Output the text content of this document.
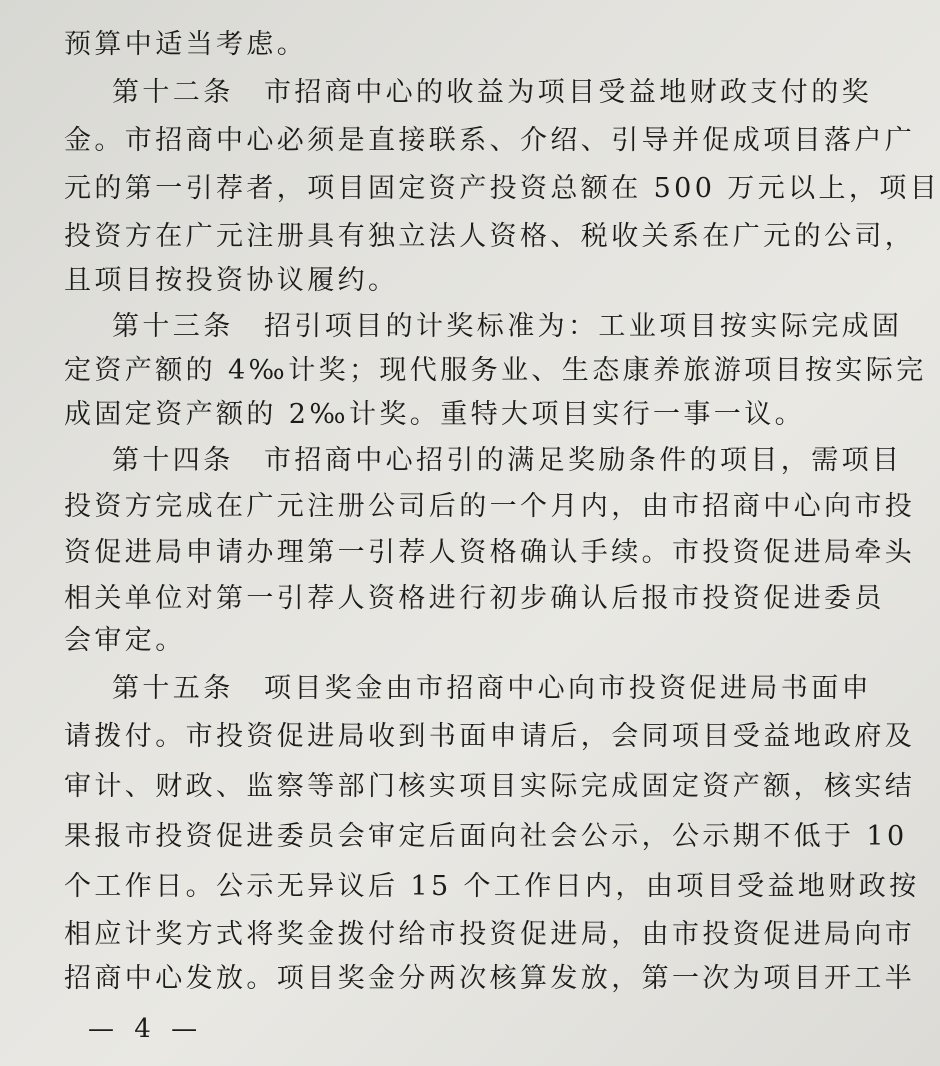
预算中适当考虑。
第十二条　市招商中心的收益为项目受益地财政支付的奖
金。市招商中心必须是直接联系、介绍、引导并促成项目落户广
元的第一引荐者，项目固定资产投资总额在 500 万元以上，项目
投资方在广元注册具有独立法人资格、税收关系在广元的公司，
且项目按投资协议履约。
第十三条　招引项目的计奖标准为：工业项目按实际完成固
定资产额的 4‰计奖；现代服务业、生态康养旅游项目按实际完
成固定资产额的 2‰计奖。重特大项目实行一事一议。
第十四条　市招商中心招引的满足奖励条件的项目，需项目
投资方完成在广元注册公司后的一个月内，由市招商中心向市投
资促进局申请办理第一引荐人资格确认手续。市投资促进局牵头
相关单位对第一引荐人资格进行初步确认后报市投资促进委员
会审定。
第十五条　项目奖金由市招商中心向市投资促进局书面申
请拨付。市投资促进局收到书面申请后，会同项目受益地政府及
审计、财政、监察等部门核实项目实际完成固定资产额，核实结
果报市投资促进委员会审定后面向社会公示，公示期不低于 10
个工作日。公示无异议后 15 个工作日内，由项目受益地财政按
相应计奖方式将奖金拨付给市投资促进局，由市投资促进局向市
招商中心发放。项目奖金分两次核算发放，第一次为项目开工半
— 4 —
